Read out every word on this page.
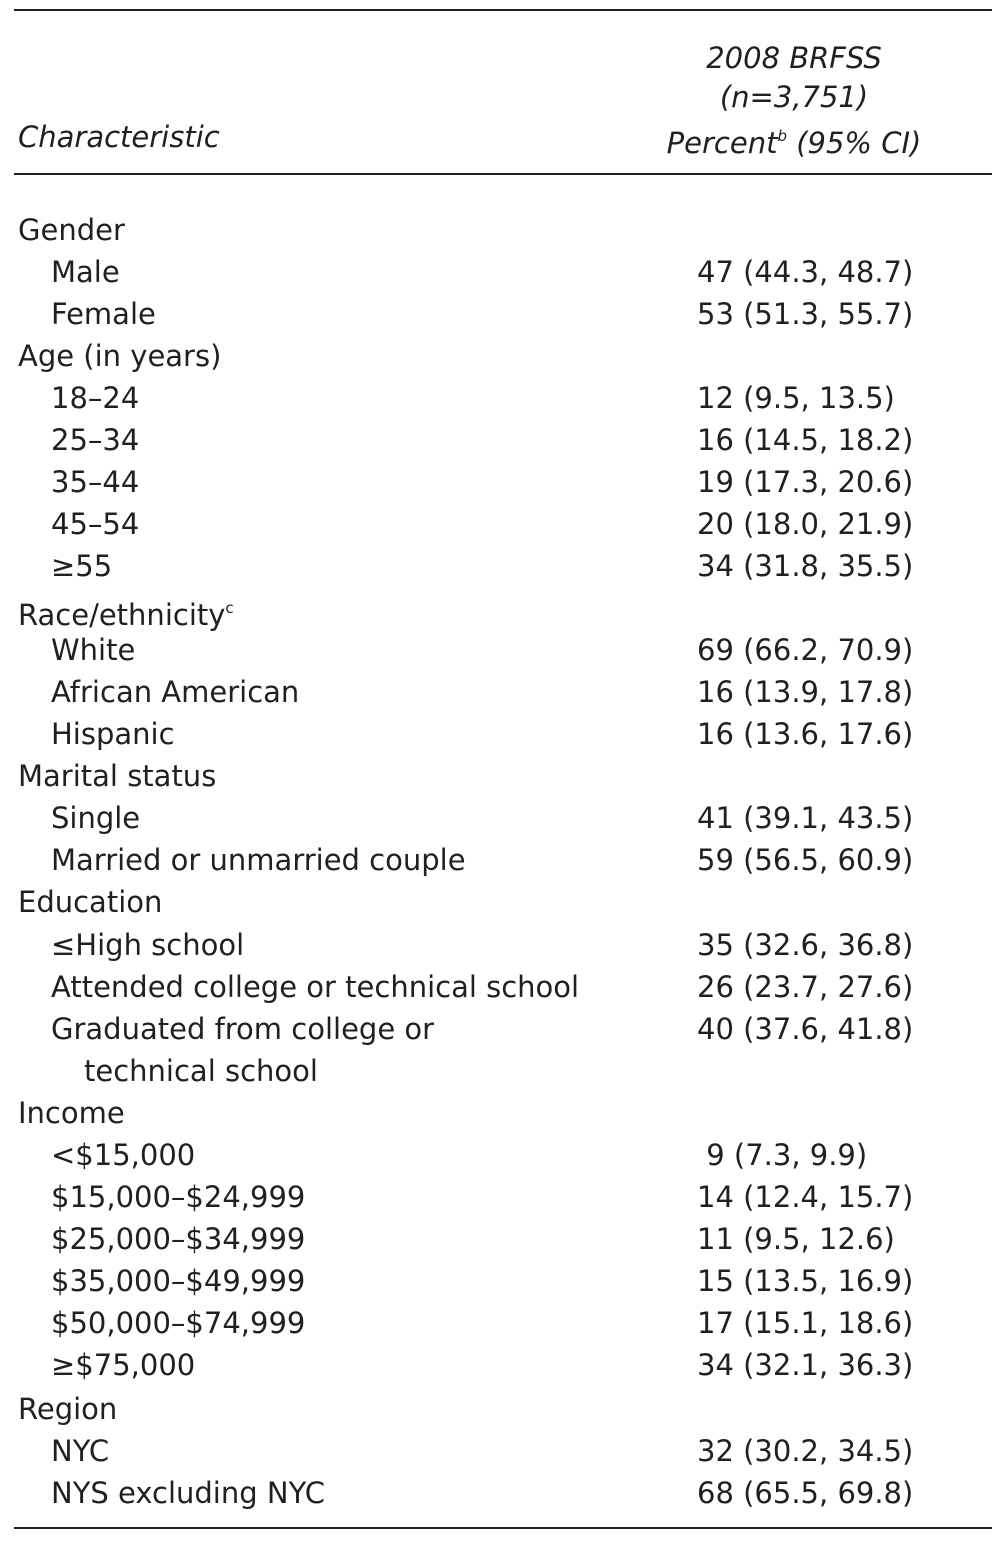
2008 BRFSS
(n=3,751)
Percent$^b$ (95% CI)
Characteristic
Gender
Male	47 (44.3, 48.7)
Female	53 (51.3, 55.7)
Age (in years)
18–24	12 (9.5, 13.5)
25–34	16 (14.5, 18.2)
35–44	19 (17.3, 20.6)
45–54	20 (18.0, 21.9)
≥55	34 (31.8, 35.5)
Race/ethnicity$^c$
White	69 (66.2, 70.9)
African American	16 (13.9, 17.8)
Hispanic	16 (13.6, 17.6)
Marital status
Single	41 (39.1, 43.5)
Married or unmarried couple	59 (56.5, 60.9)
Education
≤High school	35 (32.6, 36.8)
Attended college or technical school	26 (23.7, 27.6)
Graduated from college or	40 (37.6, 41.8)
technical school
Income
<$15,000	9 (7.3, 9.9)
$15,000–$24,999	14 (12.4, 15.7)
$25,000–$34,999	11 (9.5, 12.6)
$35,000–$49,999	15 (13.5, 16.9)
$50,000–$74,999	17 (15.1, 18.6)
≥$75,000	34 (32.1, 36.3)
Region
NYC	32 (30.2, 34.5)
NYS excluding NYC	68 (65.5, 69.8)
